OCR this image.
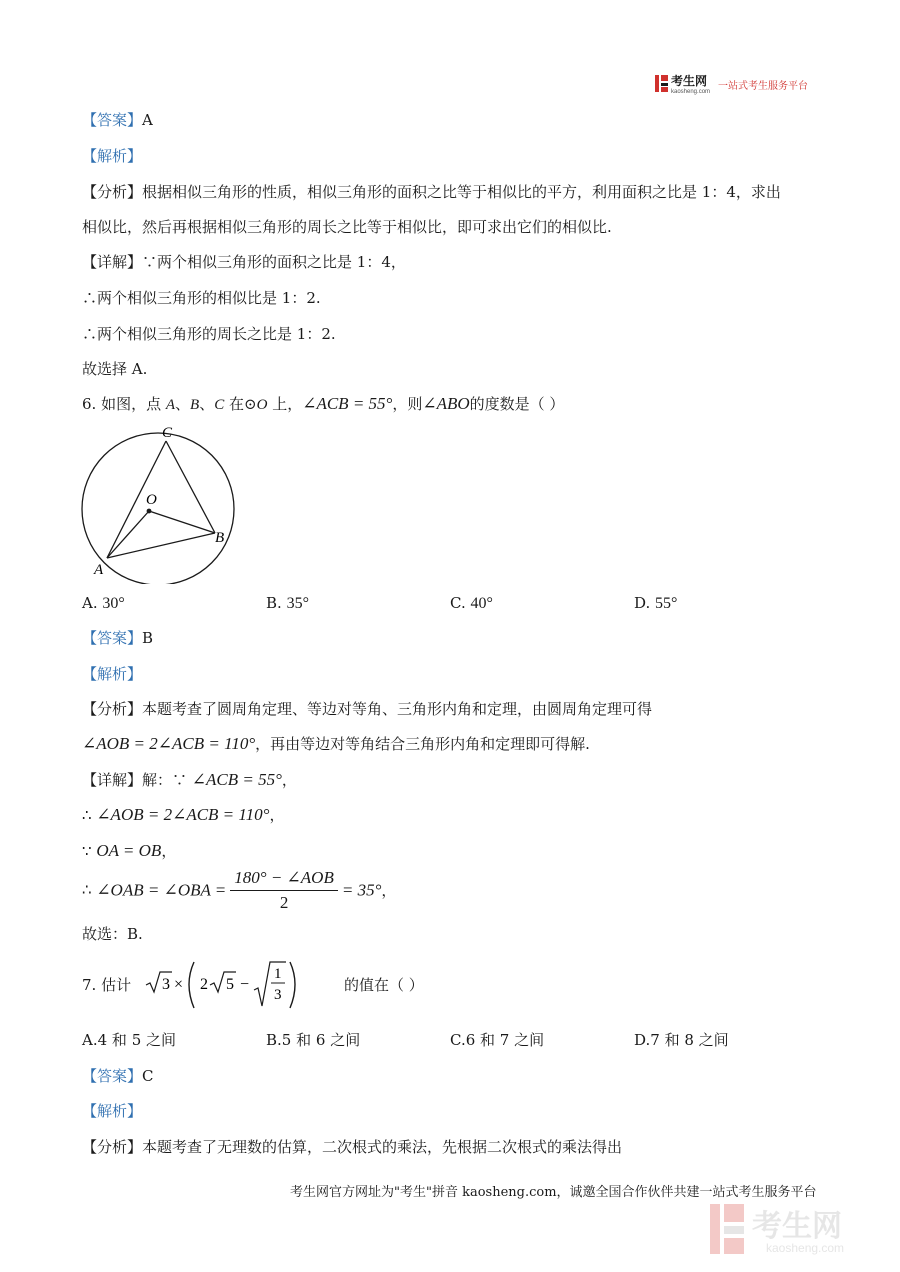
考生网
kaosheng.com 一站式考生服务平台
【答案】A
【解析】
【分析】根据相似三角形的性质，相似三角形的面积之比等于相似比的平方，利用面积之比是 1：4，求出
相似比，然后再根据相似三角形的周长之比等于相似比，即可求出它们的相似比.
【详解】∵两个相似三角形的面积之比是 1：4，
∴两个相似三角形的相似比是 1：2.
∴两个相似三角形的周长之比是 1：2.
故选择 A.
6. 如图，点 A、B、C 在⊙O 上，∠ACB = 55°，则∠ABO的度数是（ ）
C
O
B
A
A. 30°	B. 35°	C. 40°	D. 55°
【答案】B
【解析】
【分析】本题考查了圆周角定理、等边对等角、三角形内角和定理，由圆周角定理可得
∠AOB = 2∠ACB = 110°，再由等边对等角结合三角形内角和定理即可得解.
【详解】解：∵ ∠ACB = 55°，
∴ ∠AOB = 2∠ACB = 110°，
∵ OA = OB，
∴ ∠OAB = ∠OBA = $\frac{\text{180° − ∠AOB}}{2} = 35^\circ$，
故选：B.
7. 估计 3 × 2 5 −
1
3
的值在（ ）
A.4 和 5 之间	B.5 和 6 之间	C.6 和 7 之间	D.7 和 8 之间
【答案】C
【解析】
【分析】本题考查了无理数的估算，二次根式的乘法，先根据二次根式的乘法得出
考生网官方网址为"考生"拼音 kaosheng.com，诚邀全国合作伙伴共建一站式考生服务平台
考生网
kaosheng.com
